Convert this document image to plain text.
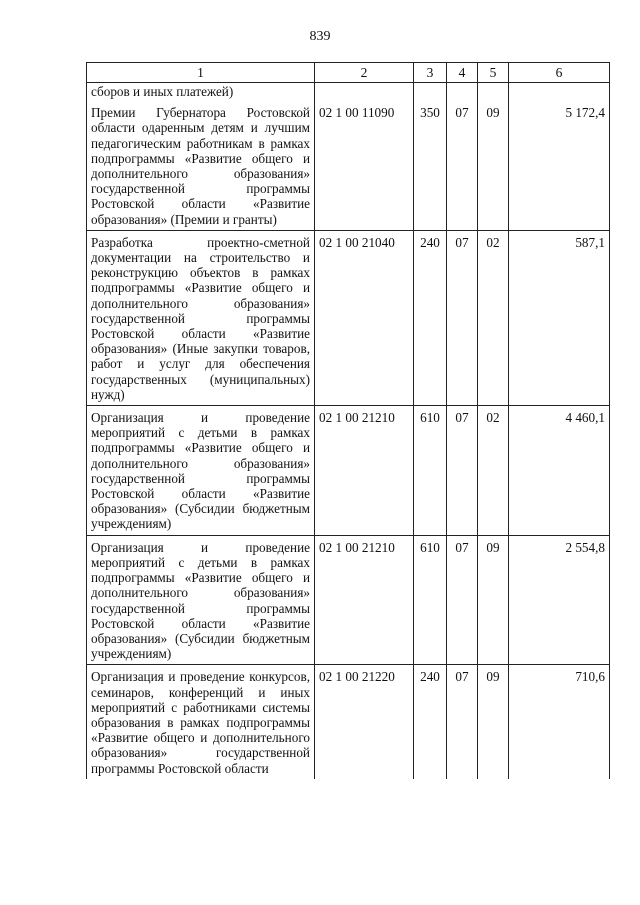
839
1	2	3	4	5	6
сборов и иных платежей)					
Премии Губернатора Ростовской области одаренным детям и лучшим педагогическим работникам в рамках подпрограммы «Развитие общего и дополнительного образования» государственной программы Ростовской области «Развитие образования» (Премии и гранты)	02 1 00 11090	350	07	09	5 172,4
Разработка проектно-сметной документации на строительство и реконструкцию объектов в рамках подпрограммы «Развитие общего и дополнительного образования» государственной программы Ростовской области «Развитие образования» (Иные закупки товаров, работ и услуг для обеспечения государственных (муниципальных) нужд)	02 1 00 21040	240	07	02	587,1
Организация и проведение мероприятий с детьми в рамках подпрограммы «Развитие общего и дополнительного образования» государственной программы Ростовской области «Развитие образования» (Субсидии бюджетным учреждениям)	02 1 00 21210	610	07	02	4 460,1
Организация и проведение мероприятий с детьми в рамках подпрограммы «Развитие общего и дополнительного образования» государственной программы Ростовской области «Развитие образования» (Субсидии бюджетным учреждениям)	02 1 00 21210	610	07	09	2 554,8
Организация и проведение конкурсов, семинаров, конференций и иных мероприятий с работниками системы образования в рамках подпрограммы «Развитие общего и дополнительного образования» государственной программы Ростовской области	02 1 00 21220	240	07	09	710,6
